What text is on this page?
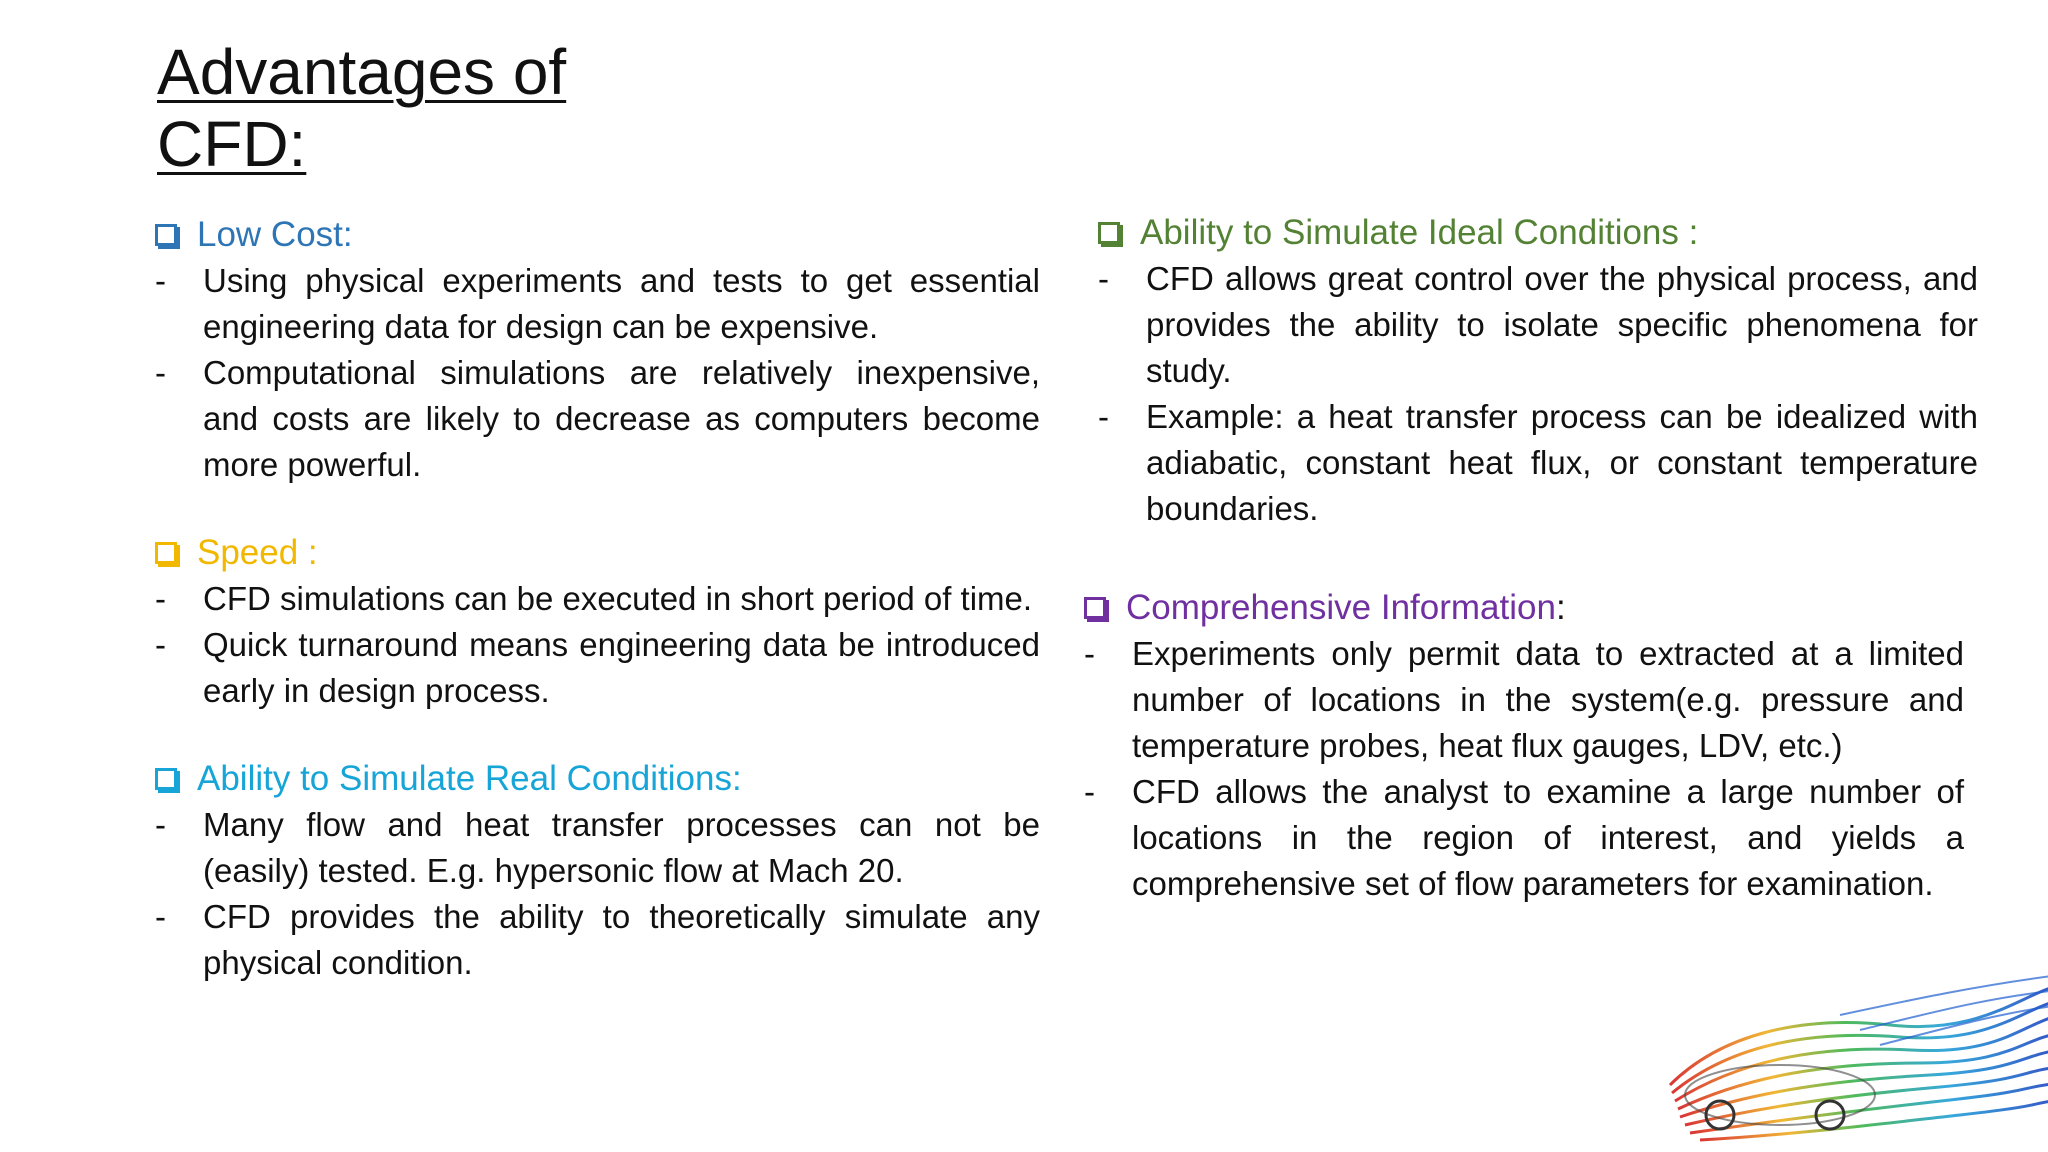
Advantages of
CFD:
Low Cost:
- Using physical experiments and tests to get essential engineering data for design can be expensive.
- Computational simulations are relatively inexpensive, and costs are likely to decrease as computers become more powerful.
Speed :
- CFD simulations can be executed in short period of time.
- Quick turnaround means engineering data be introduced early in design process.
Ability to Simulate Real Conditions:
- Many flow and heat transfer processes can not be (easily) tested. E.g. hypersonic flow at Mach 20.
- CFD provides the ability to theoretically simulate any physical condition.
Ability to Simulate Ideal Conditions :
- CFD allows great control over the physical process, and provides the ability to isolate specific phenomena for study.
- Example: a heat transfer process can be idealized with adiabatic, constant heat flux, or constant temperature boundaries.
Comprehensive Information :
- Experiments only permit data to extracted at a limited number of locations in the system(e.g. pressure and temperature probes, heat flux gauges, LDV, etc.)
- CFD allows the analyst to examine a large number of locations in the region of interest, and yields a comprehensive set of flow parameters for examination.
